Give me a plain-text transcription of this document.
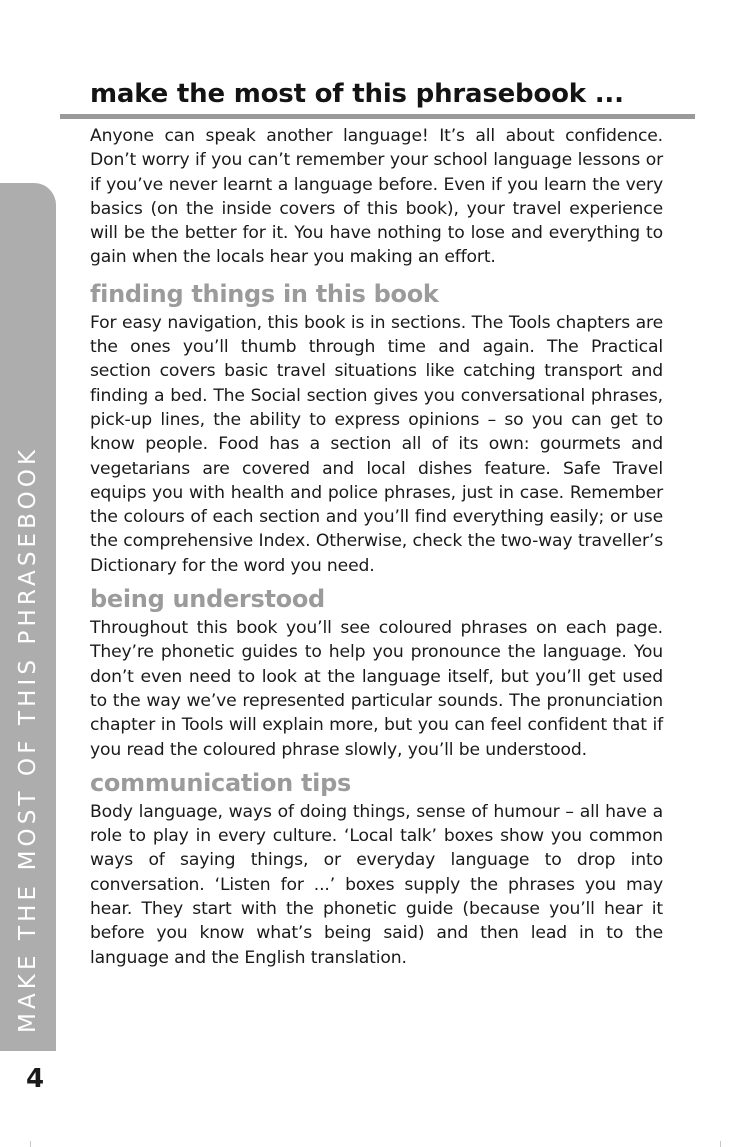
make the most of this phrasebook ...
MAKE THE MOST OF THIS PHRASEBOOK

Anyone can speak another language! It’s all about confidence. Don’t worry if you can’t remember your school language lessons or if you’ve never learnt a language before. Even if you learn the very basics (on the inside covers of this book), your travel experience will be the better for it. You have nothing to lose and everything to gain when the locals hear you making an effort.

finding things in this book

For easy navigation, this book is in sections. The Tools chapters are the ones you’ll thumb through time and again. The Practical section covers basic travel situations like catching transport and finding a bed. The Social section gives you conversational phrases, pick-up lines, the ability to express opinions – so you can get to know people. Food has a section all of its own: gourmets and vegetarians are covered and local dishes feature. Safe Travel equips you with health and police phrases, just in case. Remember the colours of each section and you’ll find everything easily; or use the comprehensive Index. Otherwise, check the two-way traveller’s Dictionary for the word you need.

being understood

Throughout this book you’ll see coloured phrases on each page. They’re phonetic guides to help you pronounce the language. You don’t even need to look at the language itself, but you’ll get used to the way we’ve represented particular sounds. The pronunciation chapter in Tools will explain more, but you can feel confident that if you read the coloured phrase slowly, you’ll be understood.

communication tips

Body language, ways of doing things, sense of humour – all have a role to play in every culture. ‘Local talk’ boxes show you common ways of saying things, or everyday language to drop into conversation. ‘Listen for ...’ boxes supply the phrases you may hear. They start with the phonetic guide (because you’ll hear it before you know what’s being said) and then lead in to the language and the English translation.

4
